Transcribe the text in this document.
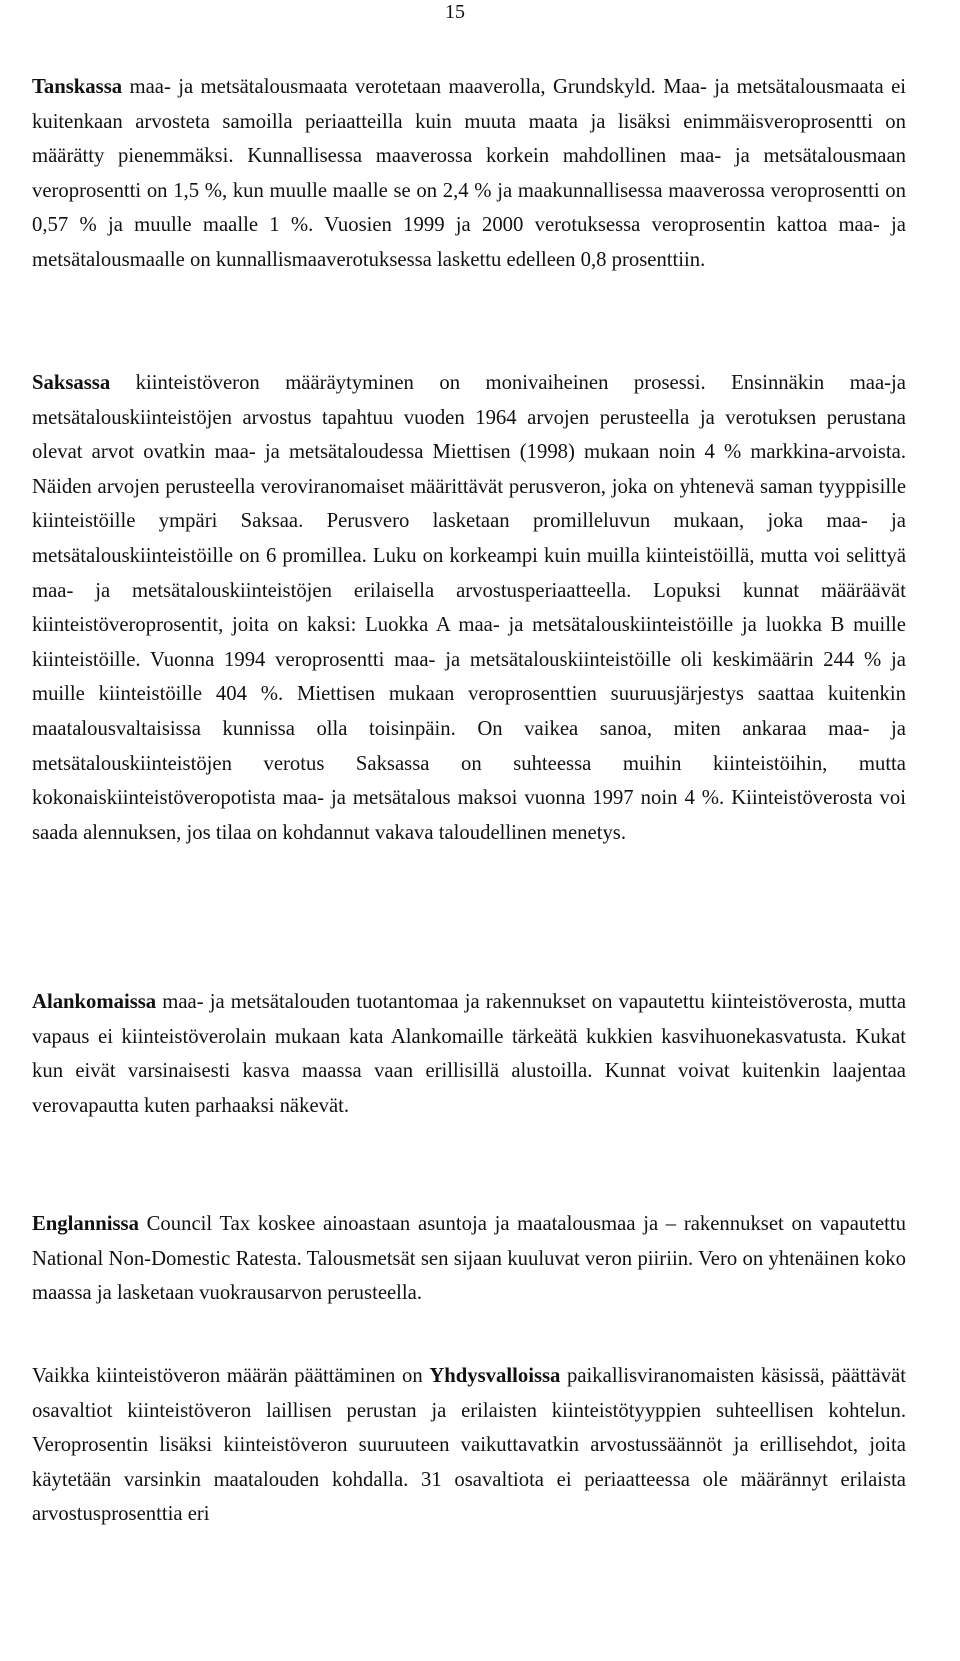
15

Tanskassa maa- ja metsätalousmaata verotetaan maaverolla, Grundskyld. Maa- ja metsätalousmaata ei kuitenkaan arvosteta samoilla periaatteilla kuin muuta maata ja lisäksi enimmäisveroprosentti on määrätty pienemmäksi. Kunnallisessa maaverossa korkein mahdollinen maa- ja metsätalousmaan veroprosentti on 1,5 %, kun muulle maalle se on 2,4 % ja maakunnallisessa maaverossa veroprosentti on 0,57 % ja muulle maalle 1 %. Vuosien 1999 ja 2000 verotuksessa veroprosentin kattoa maa- ja metsätalousmaalle on kunnallismaaverotuksessa laskettu edelleen 0,8 prosenttiin.

Saksassa kiinteistöveron määräytyminen on monivaiheinen prosessi. Ensinnäkin maa-ja metsätalouskiinteistöjen arvostus tapahtuu vuoden 1964 arvojen perusteella ja verotuksen perustana olevat arvot ovatkin maa- ja metsätaloudessa Miettisen (1998) mukaan noin 4 % markkina-arvoista. Näiden arvojen perusteella veroviranomaiset määrittävät perusveron, joka on yhtenevä saman tyyppisille kiinteistöille ympäri Saksaa. Perusvero lasketaan promilleluvun mukaan, joka maa- ja metsätalouskiinteistöille on 6 promillea. Luku on korkeampi kuin muilla kiinteistöillä, mutta voi selittyä maa- ja metsätalouskiinteistöjen erilaisella arvostusperiaatteella. Lopuksi kunnat määräävät kiinteistöveroprosentit, joita on kaksi: Luokka A maa- ja metsätalouskiinteistöille ja luokka B muille kiinteistöille. Vuonna 1994 veroprosentti maa- ja metsätalouskiinteistöille oli keskimäärin 244 % ja muille kiinteistöille 404 %. Miettisen mukaan veroprosenttien suuruusjärjestys saattaa kuitenkin maatalousvaltaisissa kunnissa olla toisinpäin. On vaikea sanoa, miten ankaraa maa- ja metsätalouskiinteistöjen verotus Saksassa on suhteessa muihin kiinteistöihin, mutta kokonaiskiinteistöveropotista maa- ja metsätalous maksoi vuonna 1997 noin 4 %. Kiinteistöverosta voi saada alennuksen, jos tilaa on kohdannut vakava taloudellinen menetys.

Alankomaissa maa- ja metsätalouden tuotantomaa ja rakennukset on vapautettu kiinteistöverosta, mutta vapaus ei kiinteistöverolain mukaan kata Alankomaille tärkeätä kukkien kasvihuonekasvatusta. Kukat kun eivät varsinaisesti kasva maassa vaan erillisillä alustoilla. Kunnat voivat kuitenkin laajentaa verovapautta kuten parhaaksi näkevät.

Englannissa Council Tax koskee ainoastaan asuntoja ja maatalousmaa ja – rakennukset on vapautettu National Non-Domestic Ratesta. Talousmetsät sen sijaan kuuluvat veron piiriin. Vero on yhtenäinen koko maassa ja lasketaan vuokrausarvon perusteella.

Vaikka kiinteistöveron määrän päättäminen on Yhdysvalloissa paikallisviranomaisten käsissä, päättävät osavaltiot kiinteistöveron laillisen perustan ja erilaisten kiinteistötyyppien suhteellisen kohtelun. Veroprosentin lisäksi kiinteistöveron suuruuteen vaikuttavatkin arvostussäännöt ja erillisehdot, joita käytetään varsinkin maatalouden kohdalla. 31 osavaltiota ei periaatteessa ole määrännyt erilaista arvostusprosenttia eri
